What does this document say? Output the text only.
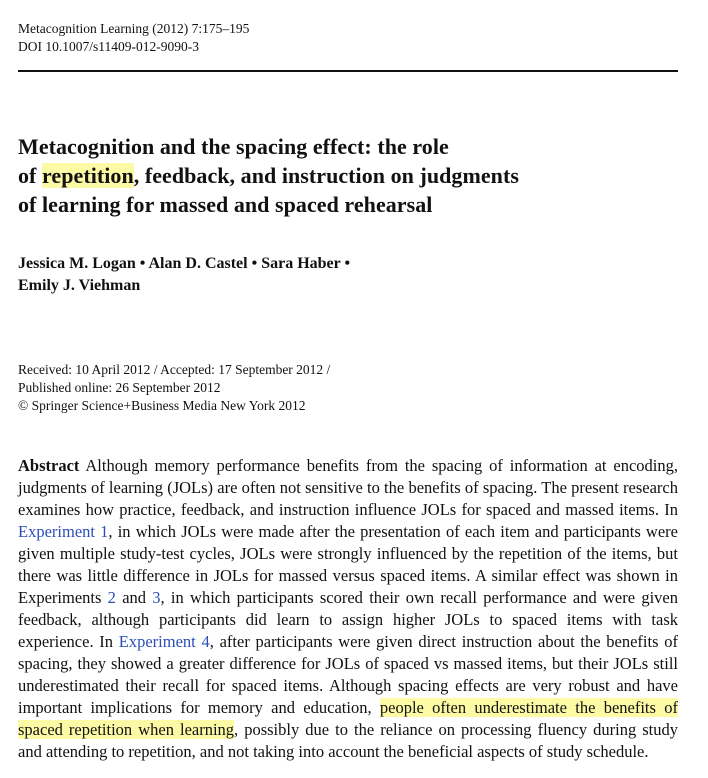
Metacognition Learning (2012) 7:175–195
DOI 10.1007/s11409-012-9090-3
Metacognition and the spacing effect: the role
of repetition, feedback, and instruction on judgments
of learning for massed and spaced rehearsal
Jessica M. Logan • Alan D. Castel • Sara Haber •
Emily J. Viehman
Received: 10 April 2012 / Accepted: 17 September 2012 /
Published online: 26 September 2012
© Springer Science+Business Media New York 2012
Abstract Although memory performance benefits from the spacing of information at encoding, judgments of learning (JOLs) are often not sensitive to the benefits of spacing. The present research examines how practice, feedback, and instruction influence JOLs for spaced and massed items. In Experiment 1, in which JOLs were made after the presentation of each item and participants were given multiple study-test cycles, JOLs were strongly influenced by the repetition of the items, but there was little difference in JOLs for massed versus spaced items. A similar effect was shown in Experiments 2 and 3, in which participants scored their own recall performance and were given feedback, although participants did learn to assign higher JOLs to spaced items with task experience. In Experiment 4, after participants were given direct instruction about the benefits of spacing, they showed a greater difference for JOLs of spaced vs massed items, but their JOLs still underestimated their recall for spaced items. Although spacing effects are very robust and have important implications for memory and education, people often underestimate the benefits of spaced repetition when learning, possibly due to the reliance on processing fluency during study and attending to repetition, and not taking into account the beneficial aspects of study schedule.
